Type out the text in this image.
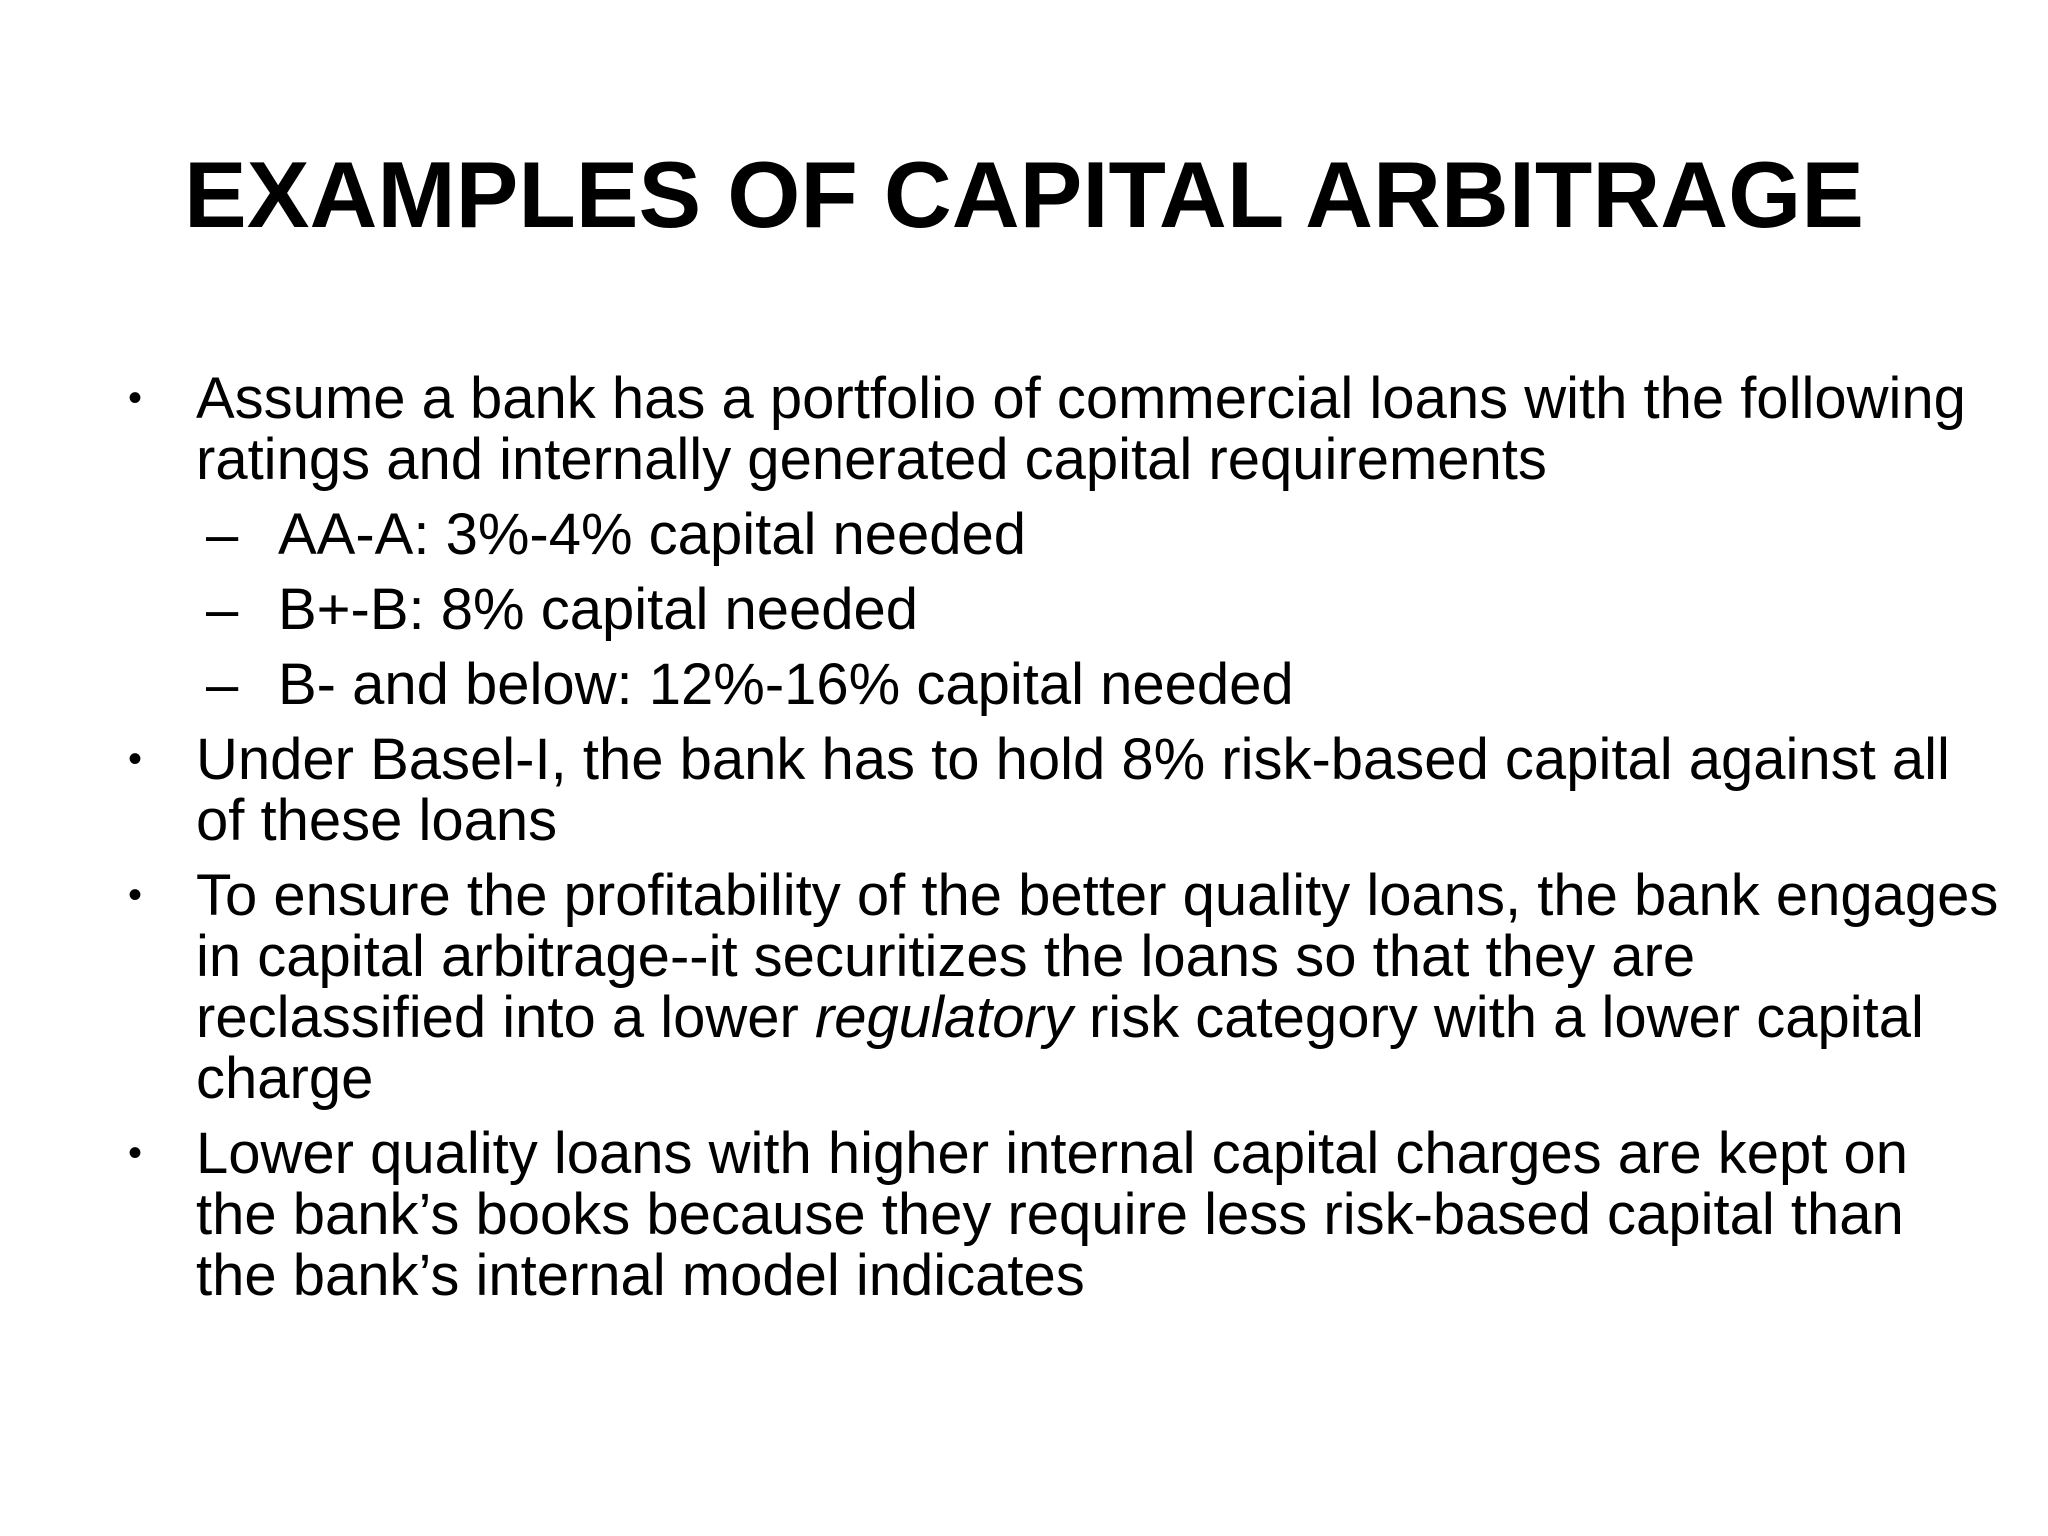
EXAMPLES OF CAPITAL ARBITRAGE
• Assume a bank has a portfolio of commercial loans with the following ratings and internally generated capital requirements
– AA-A: 3%-4% capital needed
– B+-B: 8% capital needed
– B- and below: 12%-16% capital needed
• Under Basel-I, the bank has to hold 8% risk-based capital against all of these loans
• To ensure the profitability of the better quality loans, the bank engages in capital arbitrage--it securitizes the loans so that they are reclassified into a lower regulatory risk category with a lower capital charge
• Lower quality loans with higher internal capital charges are kept on the bank’s books because they require less risk-based capital than the bank’s internal model indicates
